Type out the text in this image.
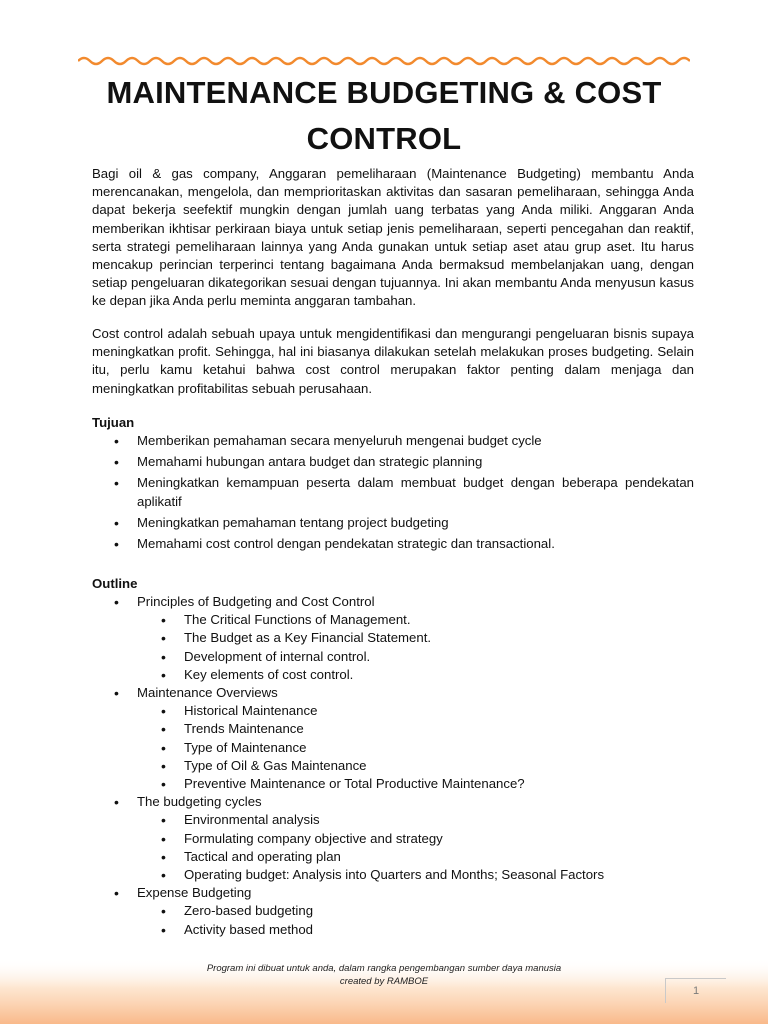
MAINTENANCE BUDGETING & COST
CONTROL
Bagi oil & gas company, Anggaran pemeliharaan (Maintenance Budgeting) membantu Anda merencanakan, mengelola, dan memprioritaskan aktivitas dan sasaran pemeliharaan, sehingga Anda dapat bekerja seefektif mungkin dengan jumlah uang terbatas yang Anda miliki. Anggaran Anda memberikan ikhtisar perkiraan biaya untuk setiap jenis pemeliharaan, seperti pencegahan dan reaktif, serta strategi pemeliharaan lainnya yang Anda gunakan untuk setiap aset atau grup aset. Itu harus mencakup perincian terperinci tentang bagaimana Anda bermaksud membelanjakan uang, dengan setiap pengeluaran dikategorikan sesuai dengan tujuannya. Ini akan membantu Anda menyusun kasus ke depan jika Anda perlu meminta anggaran tambahan.
Cost control adalah sebuah upaya untuk mengidentifikasi dan mengurangi pengeluaran bisnis supaya meningkatkan profit. Sehingga, hal ini biasanya dilakukan setelah melakukan proses budgeting. Selain itu, perlu kamu ketahui bahwa cost control merupakan faktor penting dalam menjaga dan meningkatkan profitabilitas sebuah perusahaan.
Tujuan
• Memberikan pemahaman secara menyeluruh mengenai budget cycle
• Memahami hubungan antara budget dan strategic planning
• Meningkatkan kemampuan peserta dalam membuat budget dengan beberapa pendekatan aplikatif
• Meningkatkan pemahaman tentang project budgeting
• Memahami cost control dengan pendekatan strategic dan transactional.
Outline
• Principles of Budgeting and Cost Control
• The Critical Functions of Management.
• The Budget as a Key Financial Statement.
• Development of internal control.
• Key elements of cost control.
• Maintenance Overviews
• Historical Maintenance
• Trends Maintenance
• Type of Maintenance
• Type of Oil & Gas Maintenance
• Preventive Maintenance or Total Productive Maintenance?
• The budgeting cycles
• Environmental analysis
• Formulating company objective and strategy
• Tactical and operating plan
• Operating budget: Analysis into Quarters and Months; Seasonal Factors
• Expense Budgeting
• Zero-based budgeting
• Activity based method
Program ini dibuat untuk anda, dalam rangka pengembangan sumber daya manusia
created by RAMBOE
1
